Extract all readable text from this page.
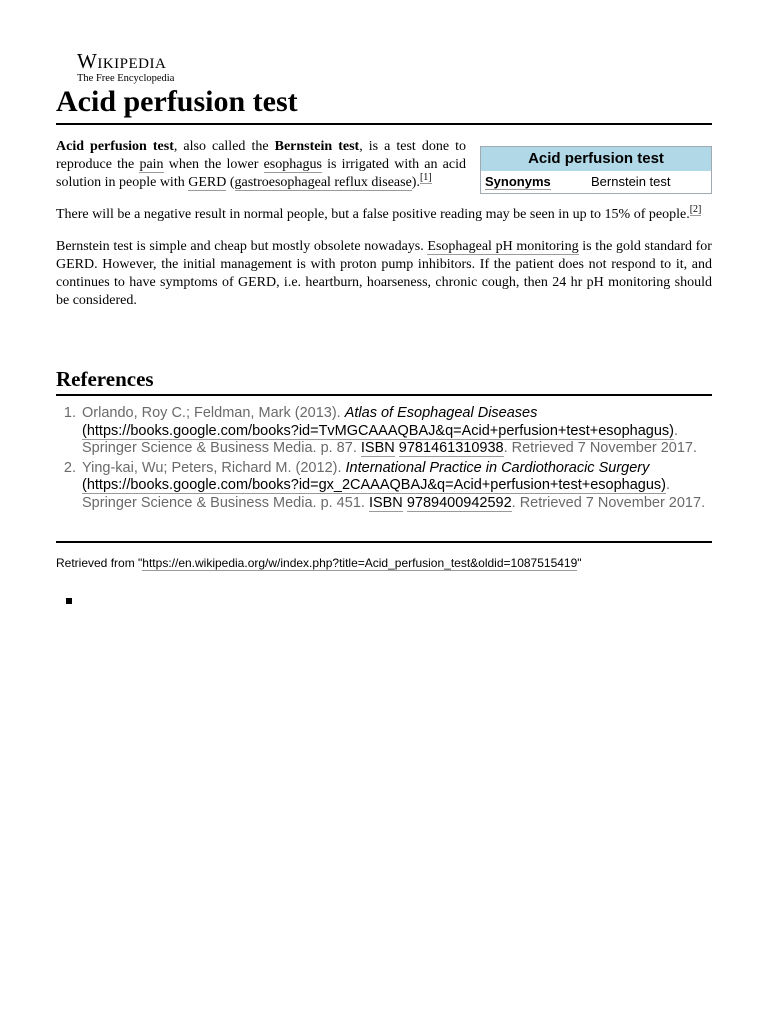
Wikipedia
The Free Encyclopedia
Acid perfusion test
Acid perfusion test
Synonyms	Bernstein test

Acid perfusion test, also called the Bernstein test, is a test done to reproduce the pain when the lower esophagus is irrigated with an acid solution in people with GERD (gastroesophageal reflux disease).[1]

There will be a negative result in normal people, but a false positive reading may be seen in up to 15% of people.[2]

Bernstein test is simple and cheap but mostly obsolete nowadays. Esophageal pH monitoring is the gold standard for GERD. However, the initial management is with proton pump inhibitors. If the patient does not respond to it, and continues to have symptoms of GERD, i.e. heartburn, hoarseness, chronic cough, then 24 hr pH monitoring should be considered.

References
1. Orlando, Roy C.; Feldman, Mark (2013). Atlas of Esophageal Diseases (https://books.google.com/books?id=TvMGCAAAQBAJ&q=Acid+perfusion+test+esophagus). Springer Science & Business Media. p. 87. ISBN 9781461310938. Retrieved 7 November 2017.
2. Ying-kai, Wu; Peters, Richard M. (2012). International Practice in Cardiothoracic Surgery (https://books.google.com/books?id=gx_2CAAAQBAJ&q=Acid+perfusion+test+esophagus). Springer Science & Business Media. p. 451. ISBN 9789400942592. Retrieved 7 November 2017.
Retrieved from "https://en.wikipedia.org/w/index.php?title=Acid_perfusion_test&oldid=1087515419"
